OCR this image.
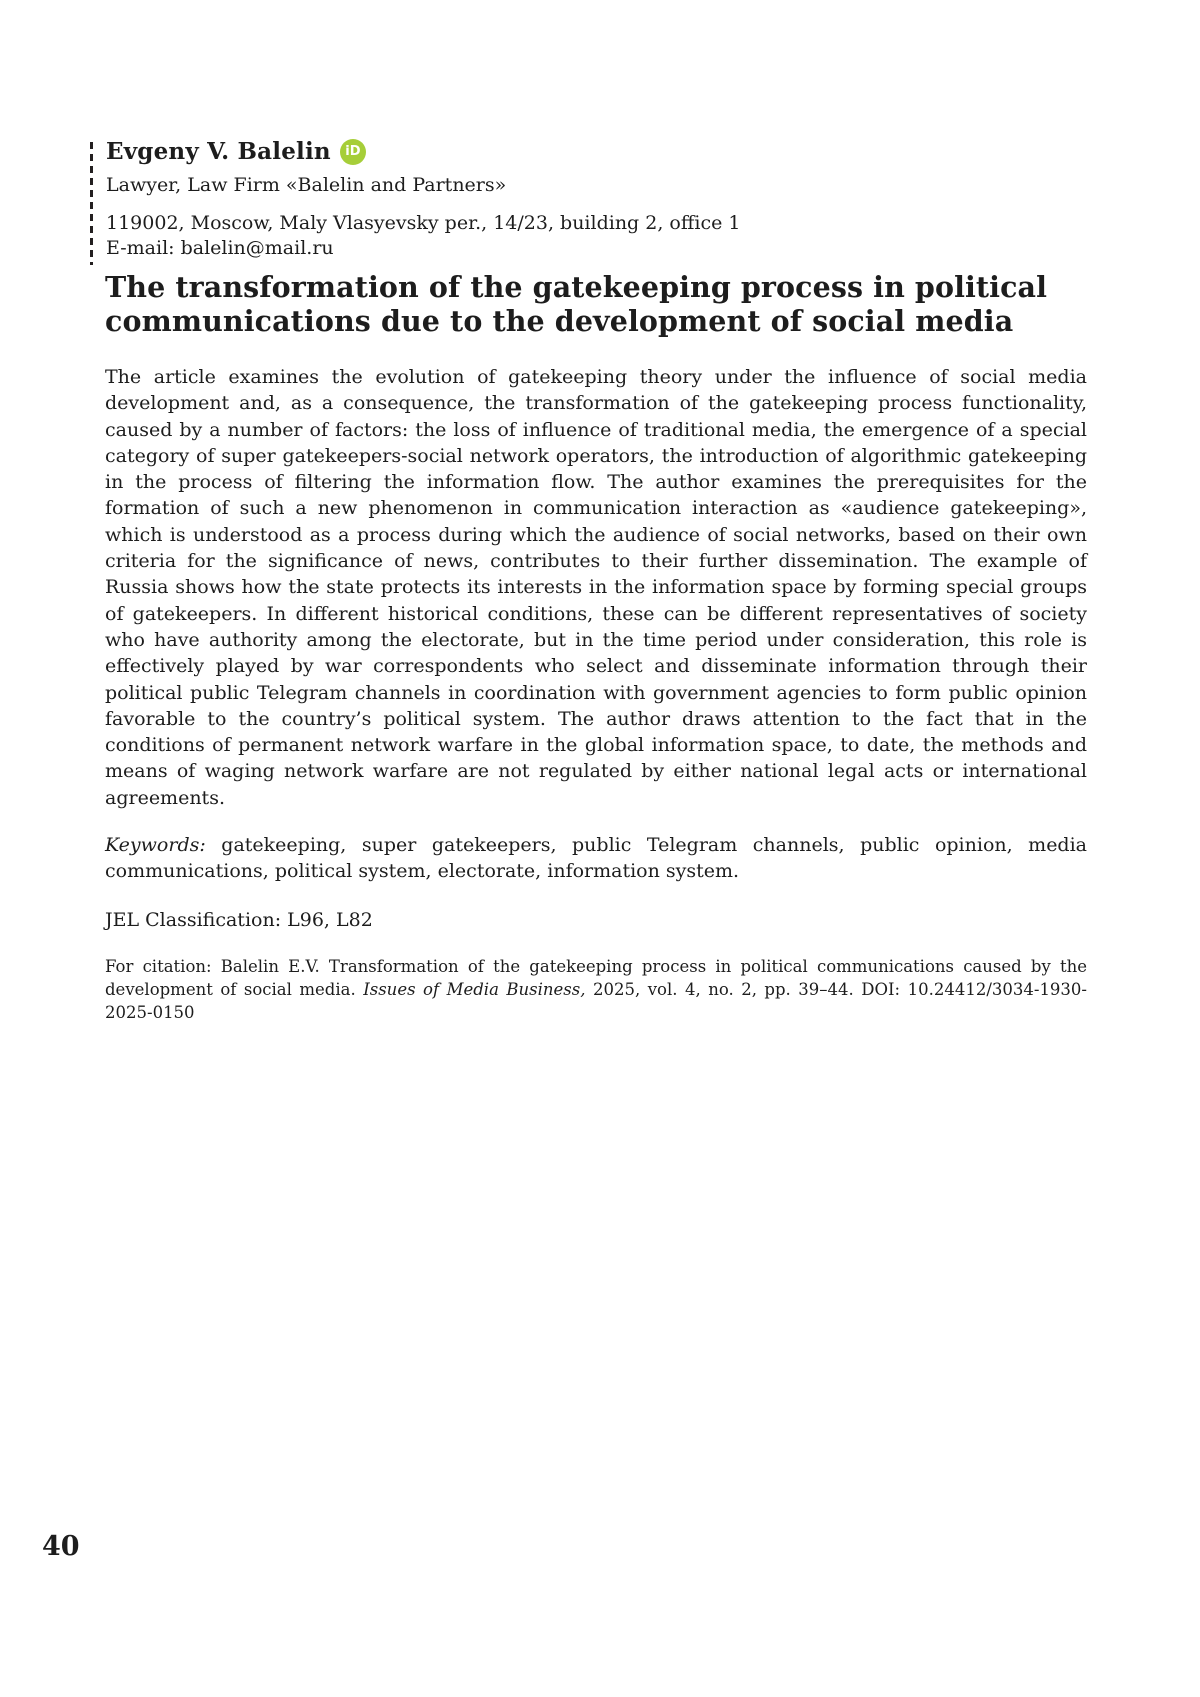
Evgeny V. Balelin	iD
Lawyer, Law Firm «Balelin and Partners»
119002, Moscow, Maly Vlasyevsky per., 14/23, building 2, office 1
E-mail: balelin@mail.ru
The transformation of the gatekeeping process in political communications due to the development of social media

The article examines the evolution of gatekeeping theory under the influence of social media development and, as a consequence, the transformation of the gatekeeping process functionality, caused by a number of factors: the loss of influence of traditional media, the emergence of a special category of super gatekeepers-social network operators, the introduction of algorithmic gatekeeping in the process of filtering the information flow. The author examines the prerequisites for the formation of such a new phenomenon in communication interaction as «audience gatekeeping», which is understood as a process during which the audience of social networks, based on their own criteria for the significance of news, contributes to their further dissemination. The example of Russia shows how the state protects its interests in the information space by forming special groups of gatekeepers. In different historical conditions, these can be different representatives of society who have authority among the electorate, but in the time period under consideration, this role is effectively played by war correspondents who select and disseminate information through their political public Telegram channels in coordination with government agencies to form public opinion favorable to the country’s political system. The author draws attention to the fact that in the conditions of permanent network warfare in the global information space, to date, the methods and means of waging network warfare are not regulated by either national legal acts or international agreements.

Keywords: gatekeeping, super gatekeepers, public Telegram channels, public opinion, media communications, political system, electorate, information system.

JEL Classification: L96, L82

For citation: Balelin E.V. Transformation of the gatekeeping process in political communications caused by the development of social media. Issues of Media Business, 2025, vol. 4, no. 2, pp. 39–44. DOI: 10.24412/3034-1930-2025-0150

40
